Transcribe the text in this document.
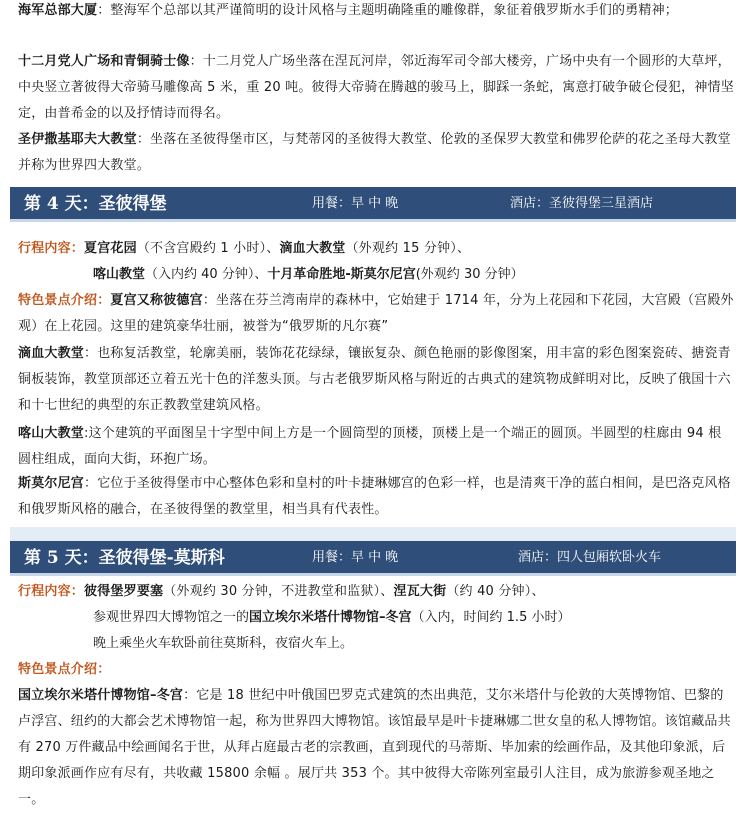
海军总部大厦：整海军个总部以其严谨简明的设计风格与主题明确隆重的雕像群，象征着俄罗斯水手们的勇精神；
十二月党人广场和青铜骑士像：十二月党人广场坐落在涅瓦河岸，邻近海军司令部大楼旁，广场中央有一个圆形的大草坪，中央竖立著彼得大帝骑马雕像高 5 米，重 20 吨。彼得大帝骑在腾越的骏马上，脚踩一条蛇，寓意打破争破仑侵犯，神情坚定，由普希金的以及抒情诗而得名。
圣伊撒基耶夫大教堂：坐落在圣彼得堡市区，与梵蒂冈的圣彼得大教堂、伦敦的圣保罗大教堂和佛罗伦萨的花之圣母大教堂并称为世界四大教堂。
第 4 天：圣彼得堡	用餐：早 中 晚	酒店：圣彼得堡三星酒店
行程内容：夏宫花园（不含宫殿约 1 小时）、滴血大教堂（外观约 15 分钟）、
喀山教堂（入内约 40 分钟）、十月革命胜地-斯莫尔尼宫(外观约 30 分钟）
特色景点介绍：夏宫又称彼德宫：坐落在芬兰湾南岸的森林中，它始建于 1714 年，分为上花园和下花园，大宫殿（宫殿外观）在上花园。这里的建筑豪华壮丽，被誉为“俄罗斯的凡尔赛”
滴血大教堂：也称复活教堂，轮廓美丽，装饰花花绿绿，镶嵌复杂、颜色艳丽的影像图案，用丰富的彩色图案瓷砖、搪瓷青铜板装饰，教堂顶部还立着五光十色的洋葱头顶。与古老俄罗斯风格与附近的古典式的建筑物成鲜明对比，反映了俄国十六和十七世纪的典型的东正教教堂建筑风格。
喀山大教堂:这个建筑的平面图呈十字型中间上方是一个圆筒型的顶楼，顶楼上是一个端正的圆顶。半圆型的柱廊由 94 根圆柱组成，面向大街，环抱广场。
斯莫尔尼宫：它位于圣彼得堡市中心整体色彩和皇村的叶卡捷琳娜宫的色彩一样，也是清爽干净的蓝白相间，是巴洛克风格和俄罗斯风格的融合，在圣彼得堡的教堂里，相当具有代表性。
第 5 天：圣彼得堡-莫斯科	用餐：早 中 晚	酒店：四人包厢软卧火车
行程内容：彼得堡罗要塞（外观约 30 分钟，不进教堂和监狱）、涅瓦大街（约 40 分钟）、
参观世界四大博物馆之一的国立埃尔米塔什博物馆–冬宫（入内，时间约 1.5 小时）
晚上乘坐火车软卧前往莫斯科，夜宿火车上。
特色景点介绍：
国立埃尔米塔什博物馆–冬宫：它是 18 世纪中叶俄国巴罗克式建筑的杰出典范，艾尔米塔什与伦敦的大英博物馆、巴黎的卢浮宫、纽约的大都会艺术博物馆一起，称为世界四大博物馆。该馆最早是叶卡捷琳娜二世女皇的私人博物馆。该馆藏品共有 270 万件藏品中绘画闻名于世，从拜占庭最古老的宗教画，直到现代的马蒂斯、毕加索的绘画作品，及其他印象派，后期印象派画作应有尽有，共收藏 15800 余幅 。展厅共 353 个。其中彼得大帝陈列室最引人注目，成为旅游参观圣地之一。
